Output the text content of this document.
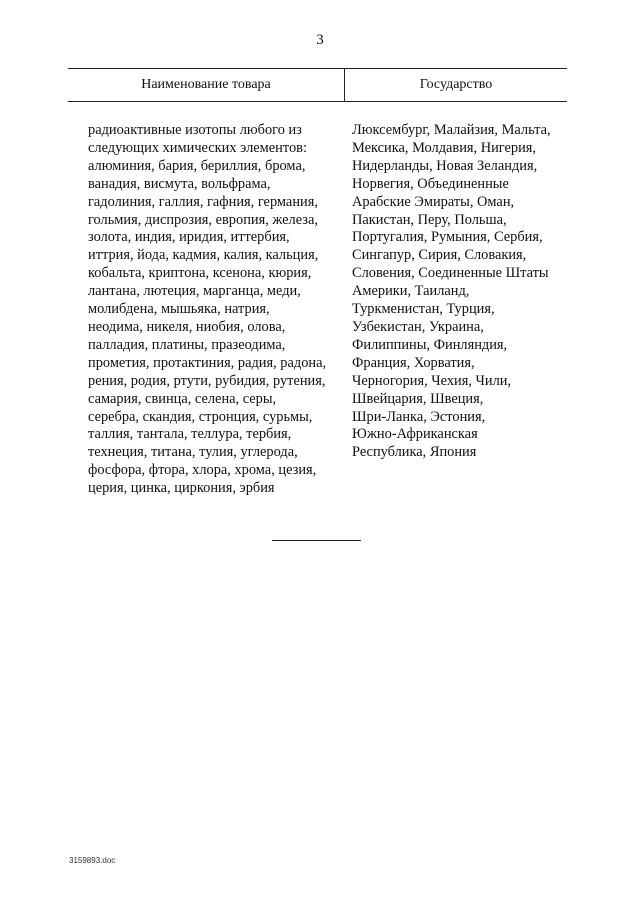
3
Наименование товара	Государство
радиоактивные изотопы любого из
следующих химических элементов:
алюминия, бария, бериллия, брома,
ванадия, висмута, вольфрама,
гадолиния, галлия, гафния, германия,
гольмия, диспрозия, европия, железа,
золота, индия, иридия, иттербия,
иттрия, йода, кадмия, калия, кальция,
кобальта, криптона, ксенона, кюрия,
лантана, лютеция, марганца, меди,
молибдена, мышьяка, натрия,
неодима, никеля, ниобия, олова,
палладия, платины, празеодима,
прометия, протактиния, радия, радона,
рения, родия, ртути, рубидия, рутения,
самария, свинца, селена, серы,
серебра, скандия, стронция, сурьмы,
таллия, тантала, теллура, тербия,
технеция, титана, тулия, углерода,
фосфора, фтора, хлора, хрома, цезия,
церия, цинка, циркония, эрбия
Люксембург, Малайзия, Мальта,
Мексика, Молдавия, Нигерия,
Нидерланды, Новая Зеландия,
Норвегия, Объединенные
Арабские Эмираты, Оман,
Пакистан, Перу, Польша,
Португалия, Румыния, Сербия,
Сингапур, Сирия, Словакия,
Словения, Соединенные Штаты
Америки, Таиланд,
Туркменистан, Турция,
Узбекистан, Украина,
Филиппины, Финляндия,
Франция, Хорватия,
Черногория, Чехия, Чили,
Швейцария, Швеция,
Шри-Ланка, Эстония,
Южно-Африканская
Республика, Япония
3159893.doc
